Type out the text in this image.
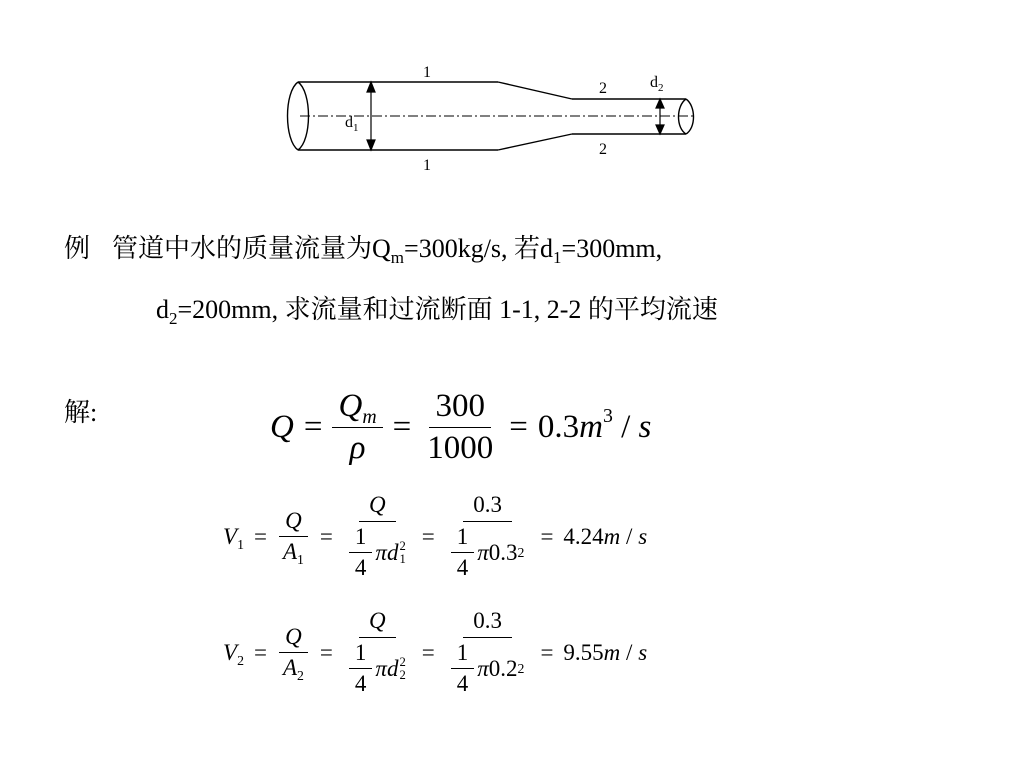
1
1
2
2
$d_1$
$d_2$
例 管道中水的质量流量为$Q_m=300kg/s$, 若$d_1=300mm$,
$d_2=200mm$, 求流量和过流断面 1-1, 2-2 的平均流速
解:	$Q = \frac{Q_m}{\rho} = \frac{300}{1000} = 0.3m^3 / s$
$V_1 = \frac{Q}{A_1} = Q$
$\frac{1}{4}$ π d 2
$1 = \frac{0.3}{\frac{1}{4} \pi 0.3 2} = 4.24m / s$
$V_2 = \frac{Q}{A_2} = Q$
$\frac{1}{4}$ π d 2
$2 = \frac{0.3}{\frac{1}{4} \pi 0.2 2} = 9.55m / s$
